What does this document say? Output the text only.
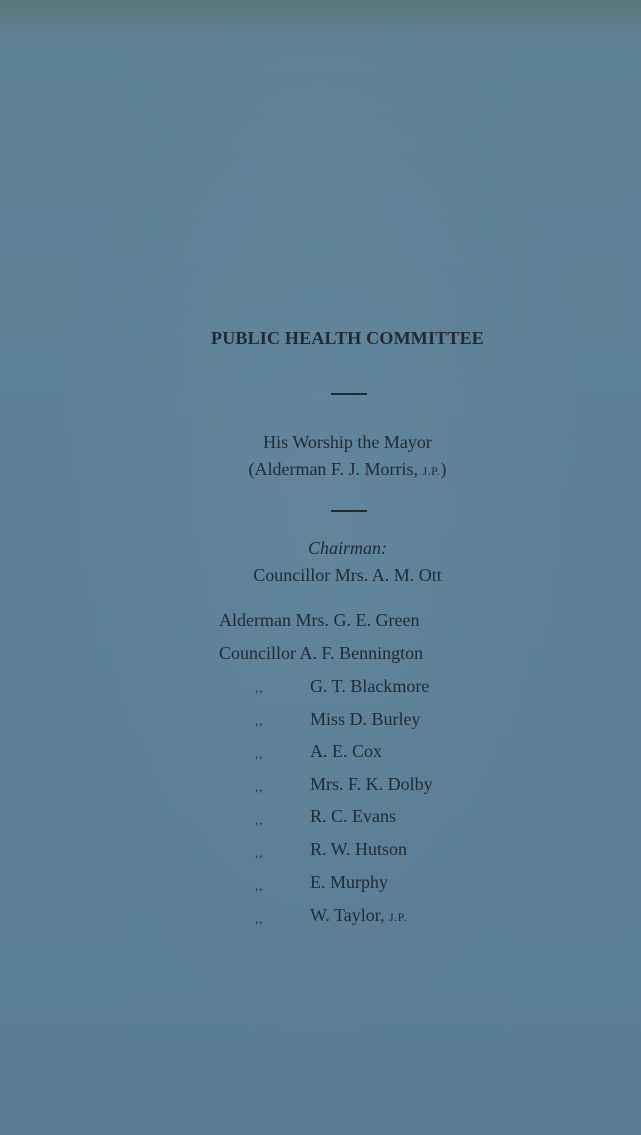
PUBLIC HEALTH COMMITTEE
His Worship the Mayor
(Alderman F. J. Morris, J.P.)
Chairman:
Councillor Mrs. A. M. Ott
Alderman Mrs. G. E. Green
Councillor A. F. Bennington
,,	G. T. Blackmore
,,	Miss D. Burley
,,	A. E. Cox
,,	Mrs. F. K. Dolby
,,	R. C. Evans
,,	R. W. Hutson
,,	E. Murphy
,,	W. Taylor, J.P.
